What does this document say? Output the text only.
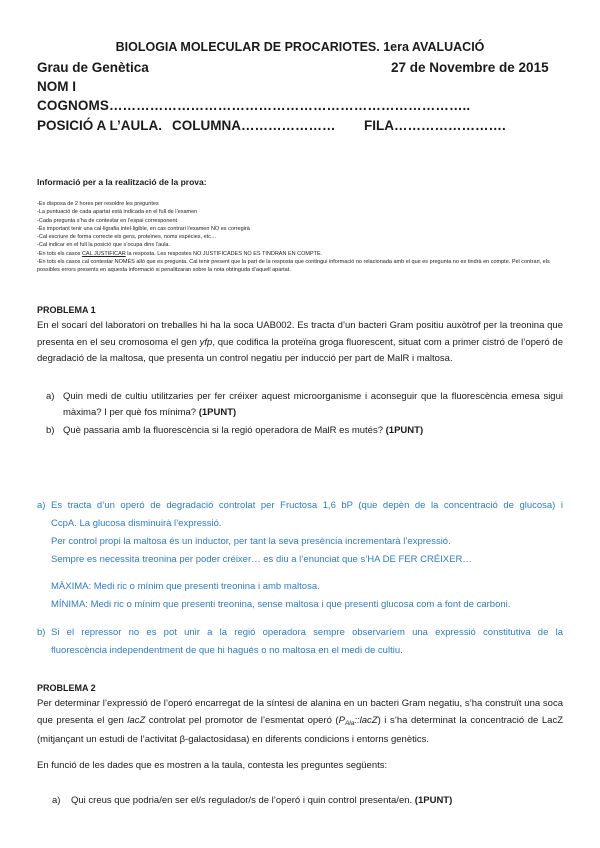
BIOLOGIA MOLECULAR DE PROCARIOTES. 1era AVALUACIÓ
Grau de Genètica	27 de Novembre de 2015
NOM I
COGNOMS……………………………………………………………………..
POSICIÓ A L’AULA. COLUMNA………………… FILA…………………….
Informació per a la realització de la prova:
- Es disposa de 2 hores per resoldre les preguntes
- La puntuació de cada apartat està indicada en el full de l’examen
- Cada pregunta s’ha de contestar en l’espai corresponent
- És important tenir una cal·ligrafia intel·ligible, en cas contrari l’examen NO es corregirà
- Cal escriure de forma correcte els gens, proteïnes, noms espècies, etc…
- Cal indicar en el full la posició que s’ocupa dins l’aula.
- En tots els casos CAL JUSTIFICAR la resposta. Les respostes NO JUSTIFICADES NO ES TINDRAN EN COMPTE.
- En tots els casos cal contestar NOMÉS allò que es pregunta. Cal tenir present que la part de la resposta que contingui informació no relacionada amb el que es pregunta no es tindrà en compte. Pel contrari, els possibles errors presents en aquesta informació si penalitzaran sobre la nota obtinguda d’aquell apartat.
PROBLEMA 1
En el socarí del laboratori on treballes hi ha la soca UAB002. Es tracta d’un bacteri Gram positiu auxòtrof per la treonina que presenta en el seu cromosoma el gen yfp, que codifica la proteïna groga fluorescent, situat com a primer cistró de l’operó de degradació de la maltosa, que presenta un control negatiu per inducció per part de MalR i maltosa.
a) Quin medi de cultiu utilitzaries per fer créixer aquest microorganisme i aconseguir que la fluorescència emesa sigui màxima? I per què fos mínima? (1PUNT)
b) Què passaria amb la fluorescència si la regió operadora de MalR es mutés? (1PUNT)
a) Es tracta d’un operó de degradació controlat per Fructosa 1,6 bP (que depèn de la concentració de glucosa) i
CcpA. La glucosa disminuirà l’expressió.
Per control propi la maltosa és un inductor, per tant la seva presència incrementarà l’expressió.
Sempre es necessita treonina per poder créixer… es diu a l’enunciat que s’HA DE FER CRÉIXER…
MÀXIMA: Medi ric o mínim que presenti treonina i amb maltosa.
MÍNIMA: Medi ric o mínim que presenti treonina, sense maltosa i que presenti glucosa com a font de carboni.
b) Si el repressor no es pot unir a la regió operadora sempre observaríem una expressió constitutiva de la
fluorescència independentment de que hi hagués o no maltosa en el medi de cultiu.
PROBLEMA 2
Per determinar l’expressió de l’operó encarregat de la síntesi de alanina en un bacteri Gram negatiu, s’ha construït una soca que presenta el gen lacZ controlat pel promotor de l’esmentat operó $(P_{Ala}::lacZ)$ i s’ha determinat la concentració de LacZ (mitjançant un estudi de l’activitat β-galactosidasa) en diferents condicions i entorns genètics.
En funció de les dades que es mostren a la taula, contesta les preguntes següents:
a) Qui creus que podria/en ser el/s regulador/s de l’operó i quin control presenta/en. (1PUNT)
